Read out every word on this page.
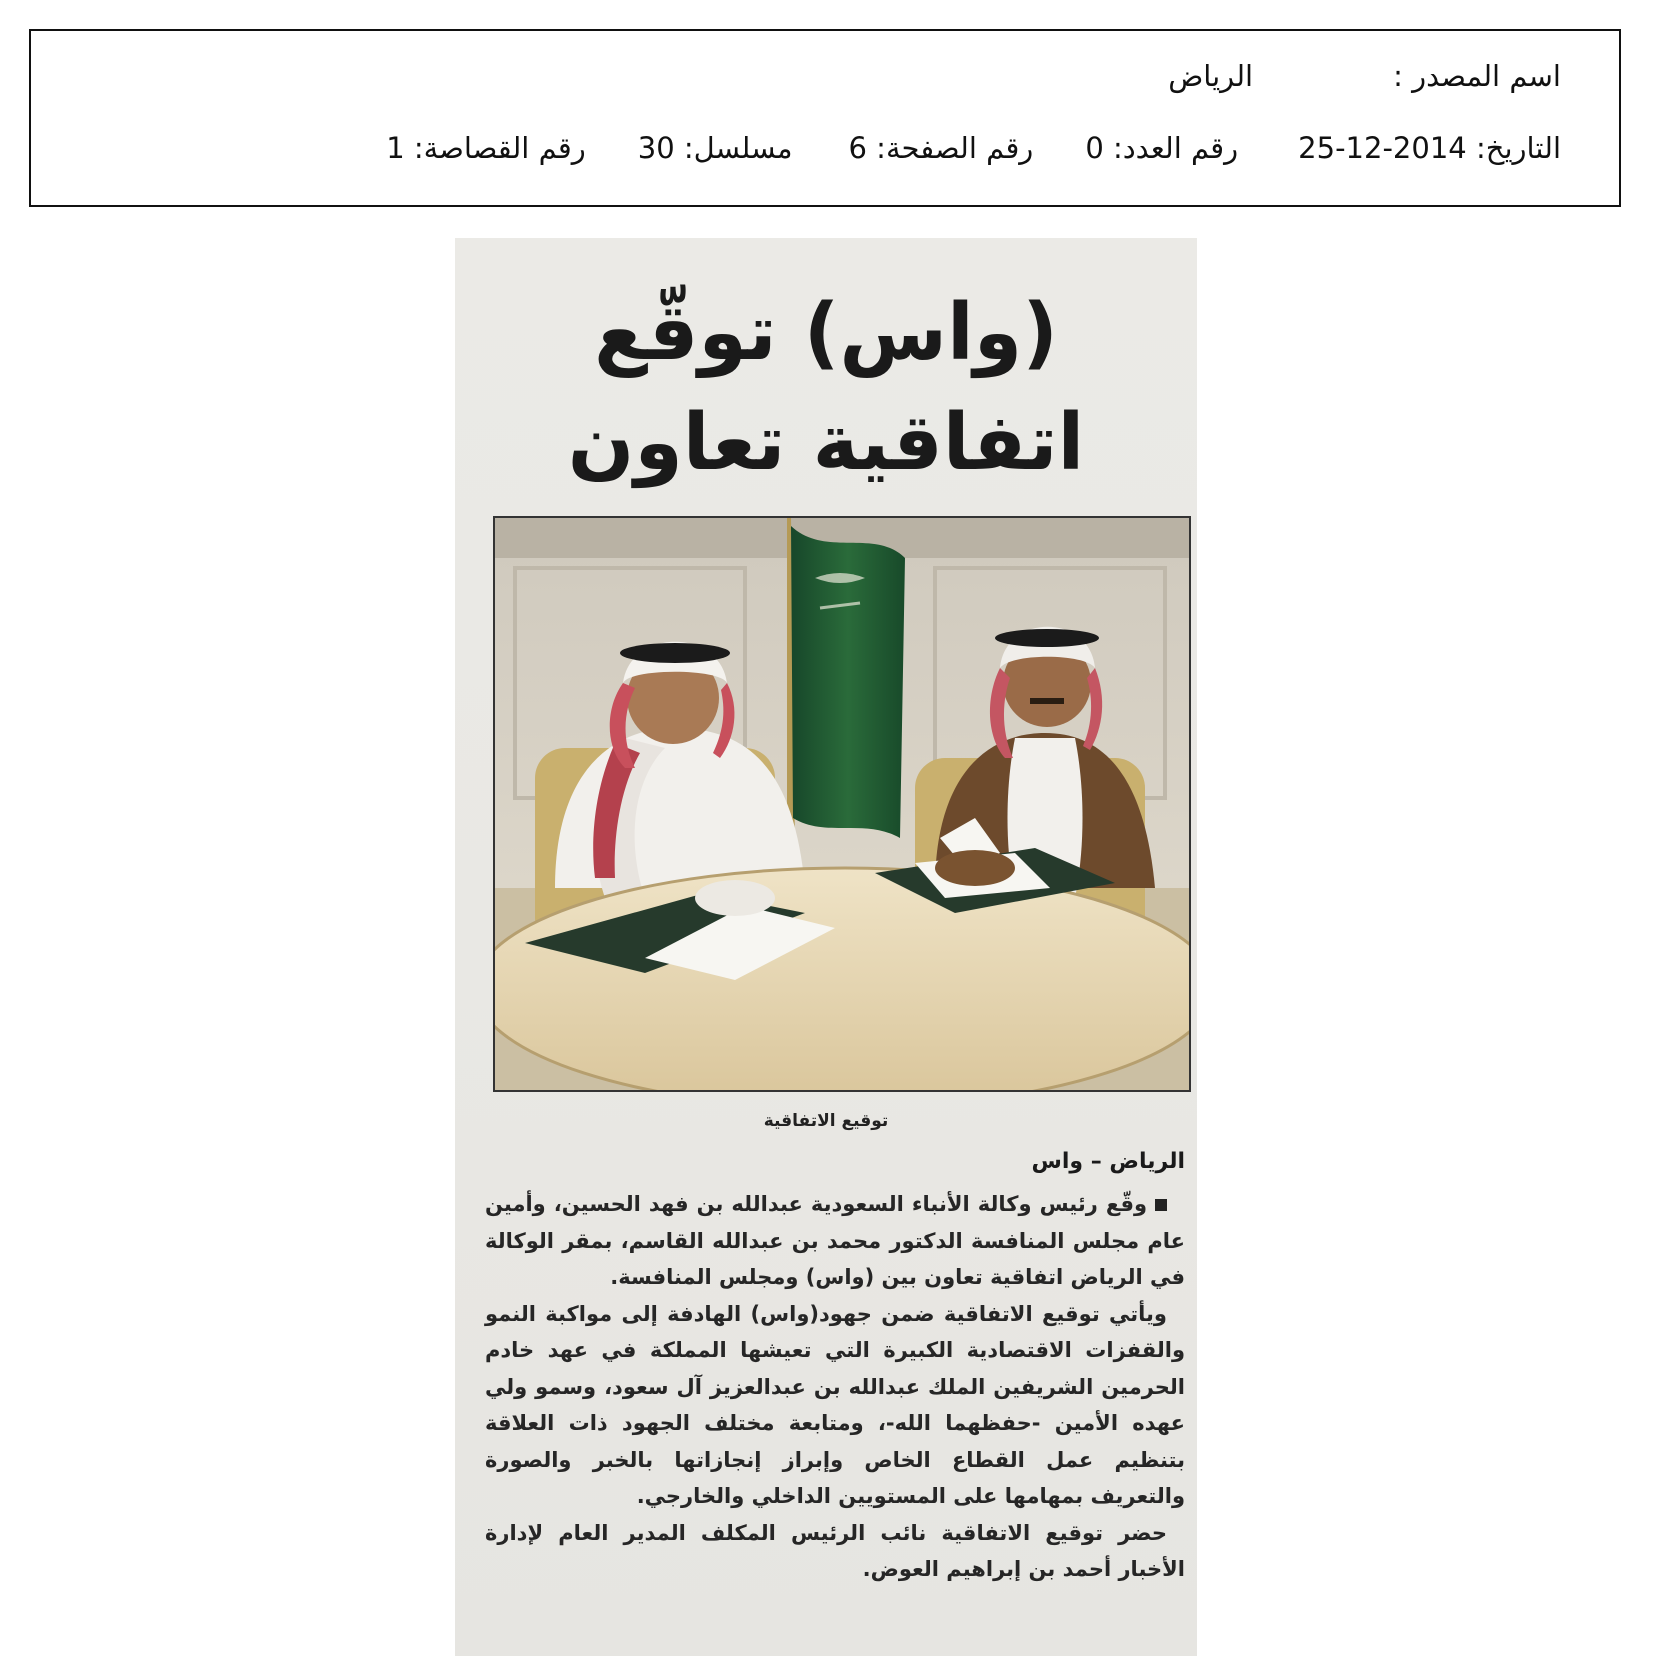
اسم المصدر :الرياض
التاريخ: 2014-12-25رقم العدد: 0رقم الصفحة: 6مسلسل: 30رقم القصاصة: 1
(واس) توقّع اتفاقية تعاون
توقيع الاتفاقية
الرياض – واس

وقّع رئيس وكالة الأنباء السعودية عبدالله بن فهد الحسين، وأمين عام مجلس المنافسة الدكتور محمد بن عبدالله القاسم، بمقر الوكالة في الرياض اتفاقية تعاون بين (واس) ومجلس المنافسة.

ويأتي توقيع الاتفاقية ضمن جهود(واس) الهادفة إلى مواكبة النمو والقفزات الاقتصادية الكبيرة التي تعيشها المملكة في عهد خادم الحرمين الشريفين الملك عبدالله بن عبدالعزيز آل سعود، وسمو ولي عهده الأمين -حفظهما الله-، ومتابعة مختلف الجهود ذات العلاقة بتنظيم عمل القطاع الخاص وإبراز إنجازاتها بالخبر والصورة والتعريف بمهامها على المستويين الداخلي والخارجي.

حضر توقيع الاتفاقية نائب الرئيس المكلف المدير العام لإدارة الأخبار أحمد بن إبراهيم العوض.
